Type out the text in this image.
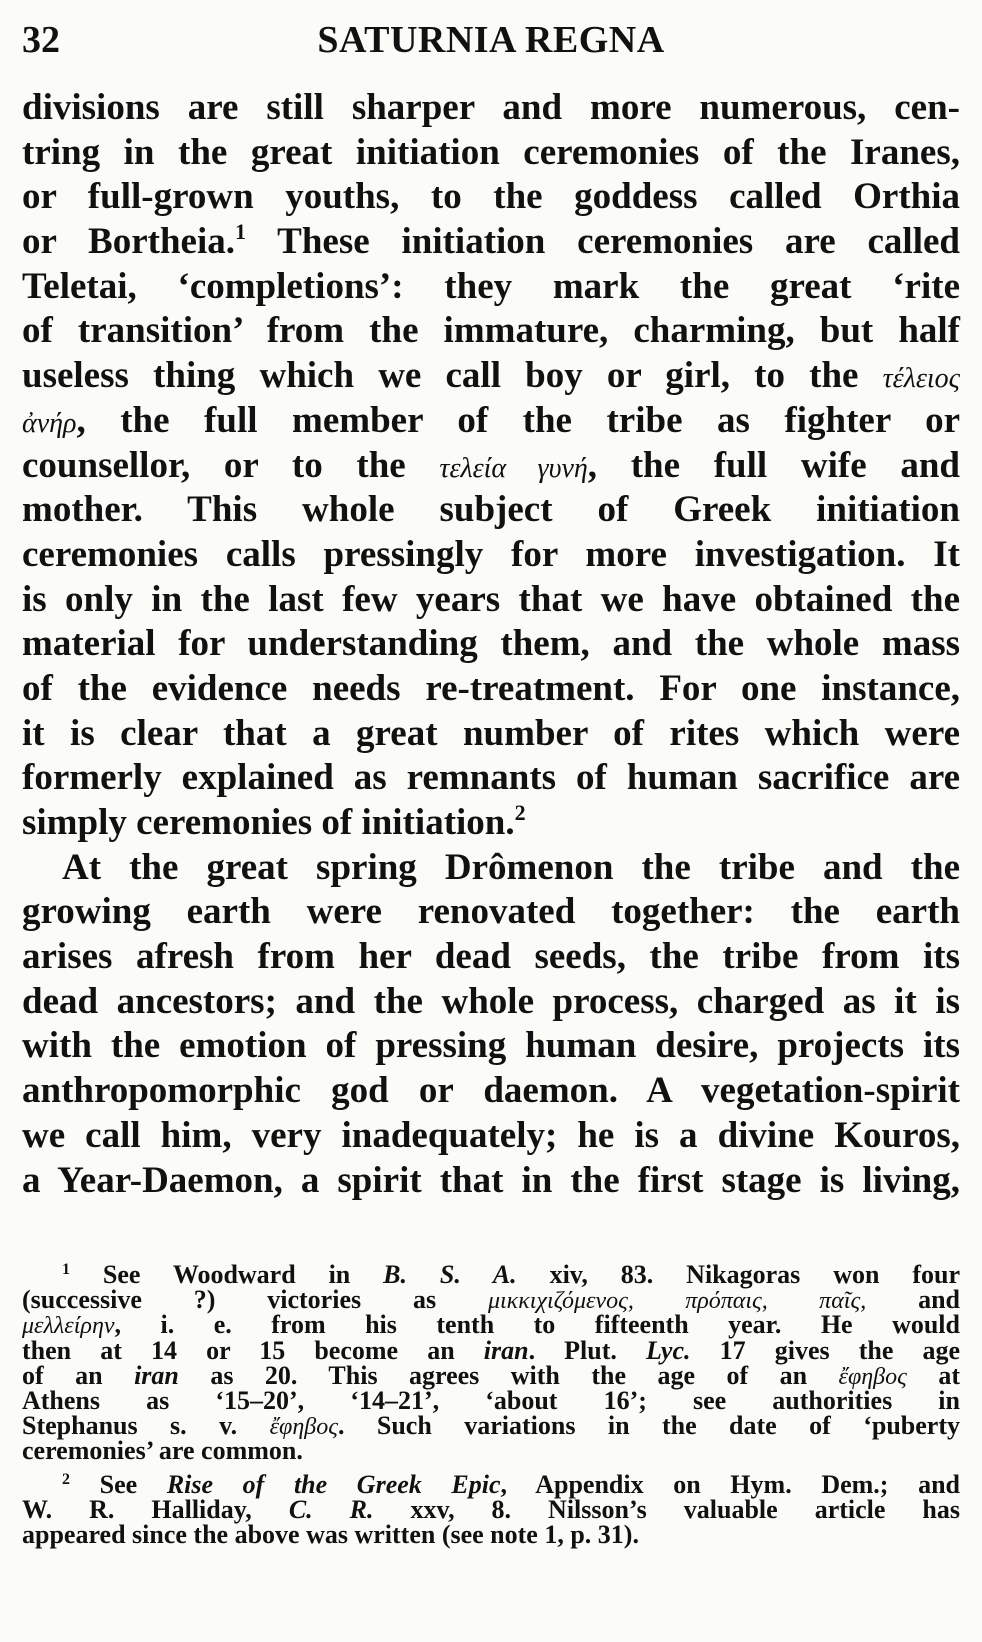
32	SATURNIA REGNA
divisions are still sharper and more numerous, cen-
tring in the great initiation ceremonies of the Iranes,
or full-grown youths, to the goddess called Orthia
or Bortheia.$^1$ These initiation ceremonies are called
Teletai, ‘completions’: they mark the great ‘rite
of transition’ from the immature, charming, but half
useless thing which we call boy or girl, to the τέλειος
ἀνήρ, the full member of the tribe as fighter or
counsellor, or to the τελεία γυνή, the full wife and
mother. This whole subject of Greek initiation
ceremonies calls pressingly for more investigation. It
is only in the last few years that we have obtained the
material for understanding them, and the whole mass
of the evidence needs re-treatment. For one instance,
it is clear that a great number of rites which were
formerly explained as remnants of human sacrifice are
simply ceremonies of initiation.$^2$
At the great spring Drômenon the tribe and the
growing earth were renovated together: the earth
arises afresh from her dead seeds, the tribe from its
dead ancestors; and the whole process, charged as it is
with the emotion of pressing human desire, projects its
anthropomorphic god or daemon. A vegetation-spirit
we call him, very inadequately; he is a divine Kouros,
a Year-Daemon, a spirit that in the first stage is living,
$^1$ See Woodward in B. S. A. xiv, 83. Nikagoras won four
(successive ?) victories as μικκιχιζόμενος, πρόπαις, παῖς, and
μελλείρην, i. e. from his tenth to fifteenth year. He would
then at 14 or 15 become an iran. Plut. Lyc. 17 gives the age
of an iran as 20. This agrees with the age of an ἔφηβος at
Athens as ‘15–20’, ‘14–21’, ‘about 16’; see authorities in
Stephanus s. v. ἔφηβος. Such variations in the date of ‘puberty
ceremonies’ are common.
$^2$ See Rise of the Greek Epic, Appendix on Hym. Dem.; and
W. R. Halliday, C. R. xxv, 8. Nilsson’s valuable article has
appeared since the above was written (see note 1, p. 31).
